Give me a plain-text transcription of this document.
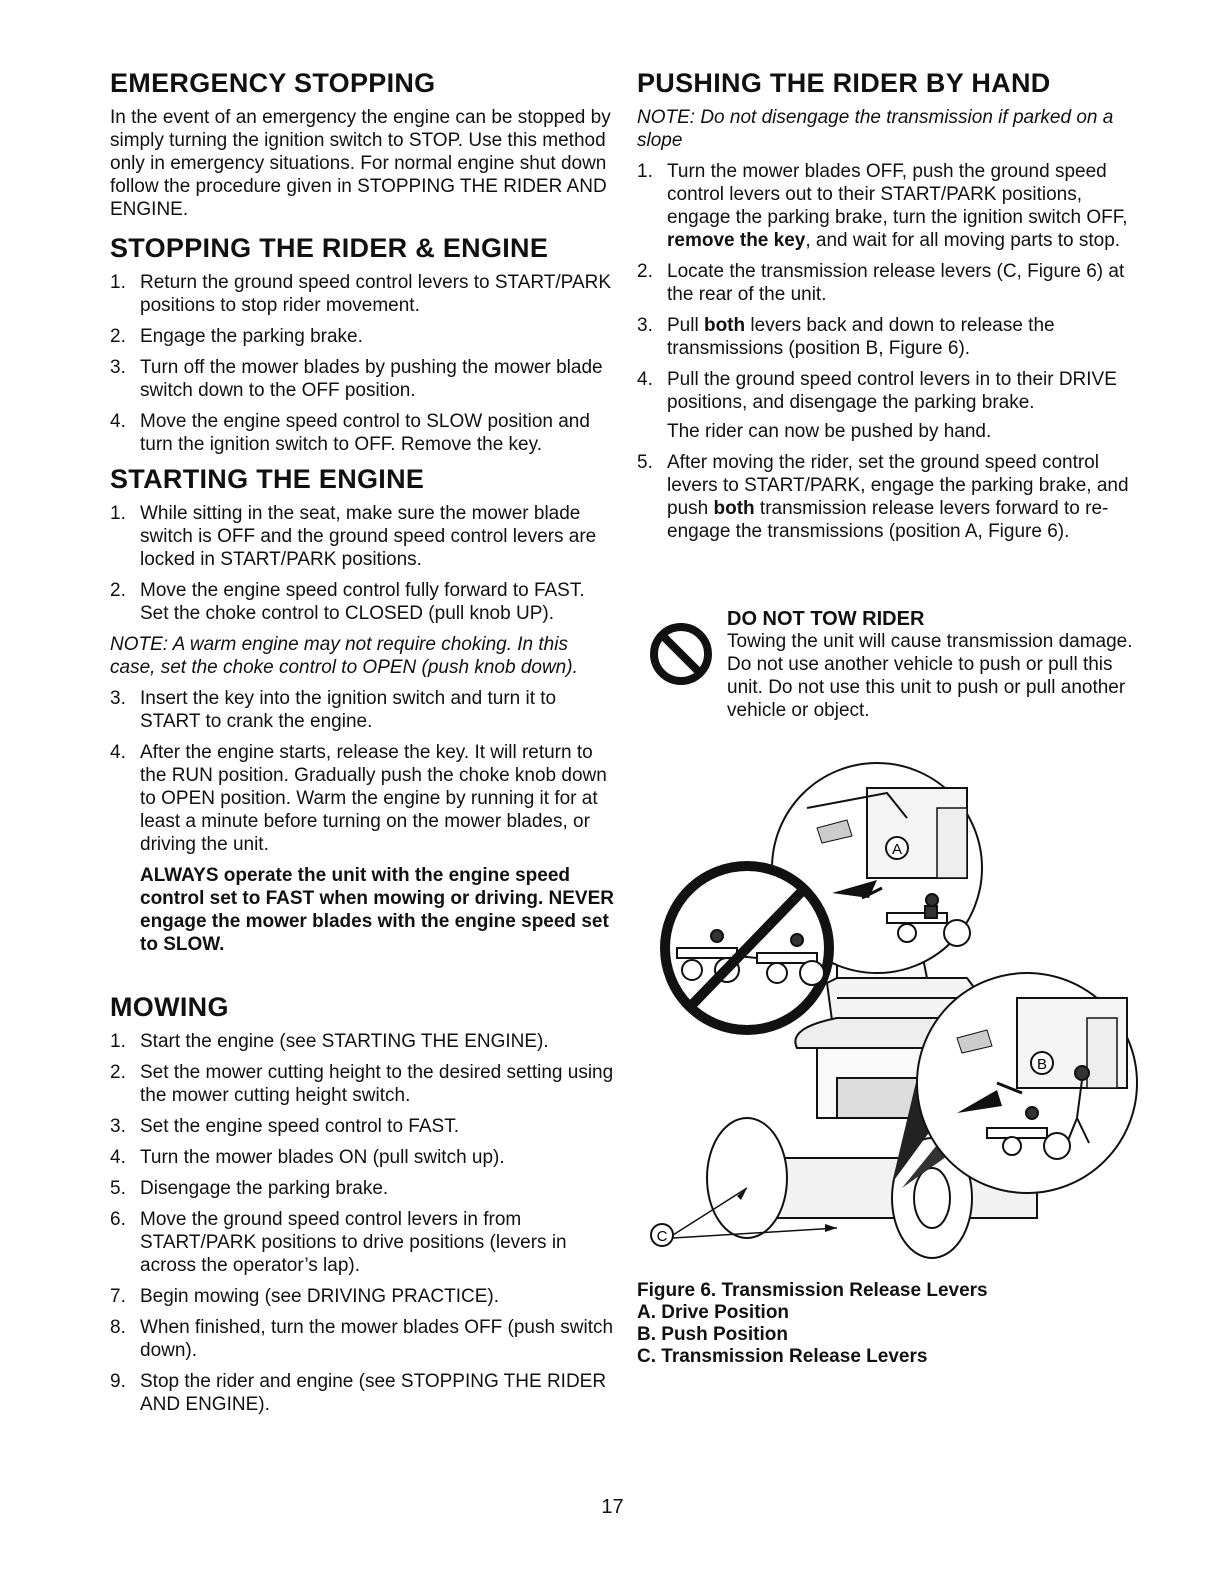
EMERGENCY STOPPING

In the event of an emergency the engine can be stopped by simply turning the ignition switch to STOP. Use this method only in emergency situations. For normal engine shut down follow the procedure given in STOPPING THE RIDER AND ENGINE.

STOPPING THE RIDER & ENGINE
1. Return the ground speed control levers to START/PARK positions to stop rider movement.
2. Engage the parking brake.
3. Turn off the mower blades by pushing the mower blade switch down to the OFF position.
4. Move the engine speed control to SLOW position and turn the ignition switch to OFF. Remove the key.
STARTING THE ENGINE
1. While sitting in the seat, make sure the mower blade switch is OFF and the ground speed control levers are locked in START/PARK positions.
2. Move the engine speed control fully forward to FAST. Set the choke control to CLOSED (pull knob UP).

NOTE: A warm engine may not require choking. In this case, set the choke control to OPEN (push knob down).

3. Insert the key into the ignition switch and turn it to START to crank the engine.
4. After the engine starts, release the key. It will return to the RUN position. Gradually push the choke knob down to OPEN position. Warm the engine by running it for at least a minute before turning on the mower blades, or driving the unit.

ALWAYS operate the unit with the engine speed control set to FAST when mowing or driving. NEVER engage the mower blades with the engine speed set to SLOW.

MOWING
1. Start the engine (see STARTING THE ENGINE).
2. Set the mower cutting height to the desired setting using the mower cutting height switch.
3. Set the engine speed control to FAST.
4. Turn the mower blades ON (pull switch up).
5. Disengage the parking brake.
6. Move the ground speed control levers in from START/PARK positions to drive positions (levers in across the operator’s lap).
7. Begin mowing (see DRIVING PRACTICE).
8. When finished, turn the mower blades OFF (push switch down).
9. Stop the rider and engine (see STOPPING THE RIDER AND ENGINE).
PUSHING THE RIDER BY HAND

NOTE: Do not disengage the transmission if parked on a slope

1. Turn the mower blades OFF, push the ground speed control levers out to their START/PARK positions, engage the parking brake, turn the ignition switch OFF, remove the key, and wait for all moving parts to stop.
2. Locate the transmission release levers (C, Figure 6) at the rear of the unit.
3. Pull both levers back and down to release the transmissions (position B, Figure 6).
4. Pull the ground speed control levers in to their DRIVE positions, and disengage the parking brake.
The rider can now be pushed by hand.
5. After moving the rider, set the ground speed control levers to START/PARK, engage the parking brake, and push both transmission release levers forward to re-engage the transmissions (position A, Figure 6).
DO NOT TOW RIDER
Towing the unit will cause transmission damage. Do not use another vehicle to push or pull this unit. Do not use this unit to push or pull another vehicle or object.
A
B
C
Figure 6. Transmission Release Levers
A. Drive Position
B. Push Position
C. Transmission Release Levers
17
